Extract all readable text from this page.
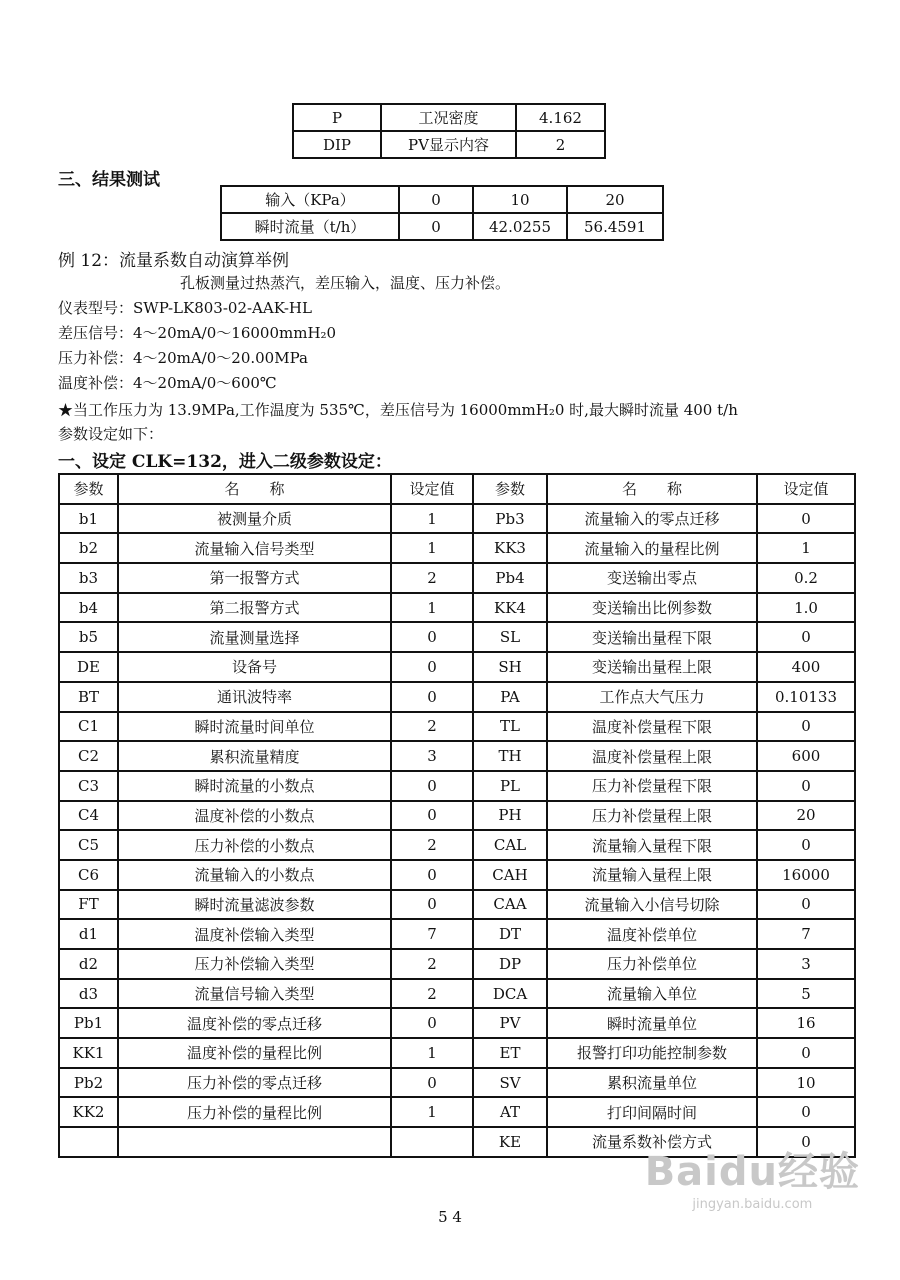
P	工况密度	4.162
DIP	PV显示内容	2
三、结果测试
输入（KPa）	0	10	20
瞬时流量（t/h）	0	42.0255	56.4591
例 12：流量系数自动演算举例
孔板测量过热蒸汽，差压输入，温度、压力补偿。
仪表型号：SWP-LK803-02-AAK-HL
差压信号：4～20mA/0～16000mmH₂0
压力补偿：4～20mA/0～20.00MPa
温度补偿：4～20mA/0～600℃
★当工作压力为 13.9MPa,工作温度为 535℃，差压信号为 16000mmH₂0 时,最大瞬时流量 400 t/h
参数设定如下：
一、设定 CLK=132，进入二级参数设定：
参数	名　　称	设定值	参数	名　　称	设定值
b1	被测量介质	1	Pb3	流量输入的零点迁移	0
b2	流量输入信号类型	1	KK3	流量输入的量程比例	1
b3	第一报警方式	2	Pb4	变送输出零点	0.2
b4	第二报警方式	1	KK4	变送输出比例参数	1.0
b5	流量测量选择	0	SL	变送输出量程下限	0
DE	设备号	0	SH	变送输出量程上限	400
BT	通讯波特率	0	PA	工作点大气压力	0.10133
C1	瞬时流量时间单位	2	TL	温度补偿量程下限	0
C2	累积流量精度	3	TH	温度补偿量程上限	600
C3	瞬时流量的小数点	0	PL	压力补偿量程下限	0
C4	温度补偿的小数点	0	PH	压力补偿量程上限	20
C5	压力补偿的小数点	2	CAL	流量输入量程下限	0
C6	流量输入的小数点	0	CAH	流量输入量程上限	16000
FT	瞬时流量滤波参数	0	CAA	流量输入小信号切除	0
d1	温度补偿输入类型	7	DT	温度补偿单位	7
d2	压力补偿输入类型	2	DP	压力补偿单位	3
d3	流量信号输入类型	2	DCA	流量输入单位	5
Pb1	温度补偿的零点迁移	0	PV	瞬时流量单位	16
KK1	温度补偿的量程比例	1	ET	报警打印功能控制参数	0
Pb2	压力补偿的零点迁移	0	SV	累积流量单位	10
KK2	压力补偿的量程比例	1	AT	打印间隔时间	0
			KE	流量系数补偿方式	0
5 4
Baidu经验
jingyan.baidu.com
